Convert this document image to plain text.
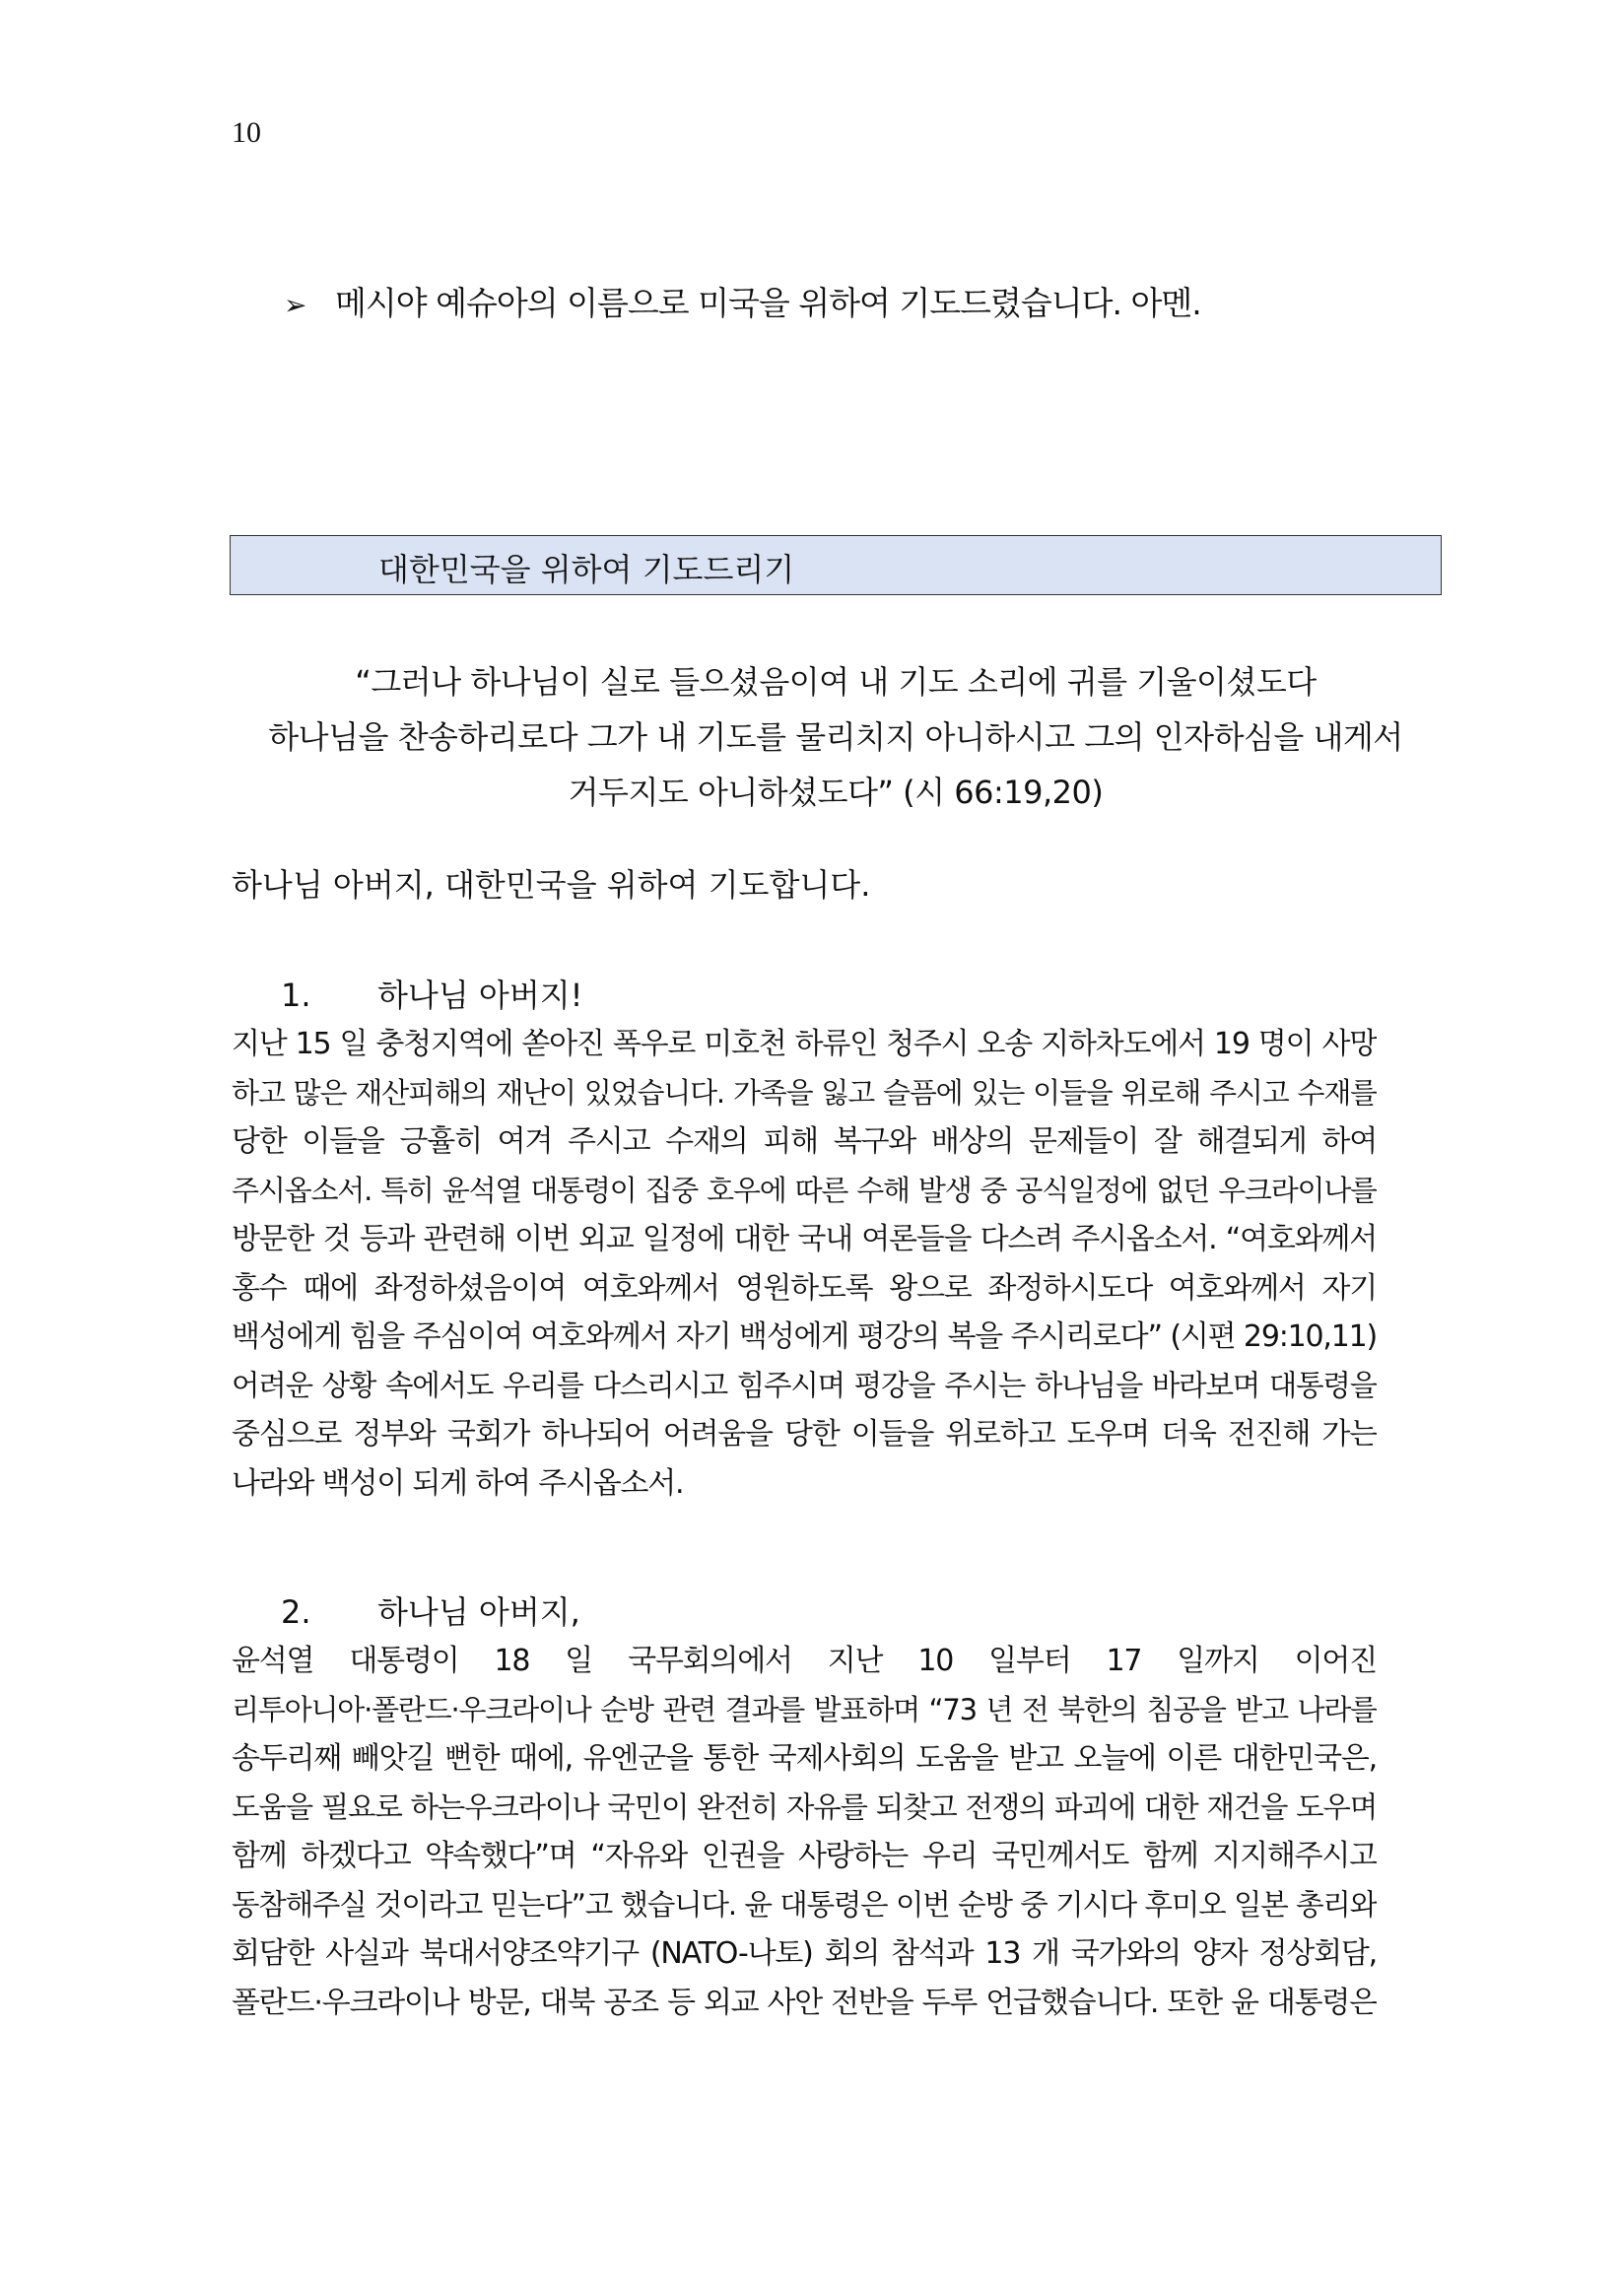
10
➢ 메시야 예슈아의 이름으로 미국을 위하여 기도드렸습니다. 아멘.
대한민국을 위하여 기도드리기
“그러나 하나님이 실로 들으셨음이여 내 기도 소리에 귀를 기울이셨도다
하나님을 찬송하리로다 그가 내 기도를 물리치지 아니하시고 그의 인자하심을 내게서
거두지도 아니하셨도다” (시 66:19,20)
하나님 아버지, 대한민국을 위하여 기도합니다.
1. 하나님 아버지!
지난 15 일 충청지역에 쏟아진 폭우로 미호천 하류인 청주시 오송 지하차도에서 19 명이 사망
하고 많은 재산피해의 재난이 있었습니다. 가족을 잃고 슬픔에 있는 이들을 위로해 주시고 수재를
당한 이들을 긍휼히 여겨 주시고 수재의 피해 복구와 배상의 문제들이 잘 해결되게 하여
주시옵소서. 특히 윤석열 대통령이 집중 호우에 따른 수해 발생 중 공식일정에 없던 우크라이나를
방문한 것 등과 관련해 이번 외교 일정에 대한 국내 여론들을 다스려 주시옵소서. “여호와께서
홍수 때에 좌정하셨음이여 여호와께서 영원하도록 왕으로 좌정하시도다 여호와께서 자기
백성에게 힘을 주심이여 여호와께서 자기 백성에게 평강의 복을 주시리로다” (시편 29:10,11)
어려운 상황 속에서도 우리를 다스리시고 힘주시며 평강을 주시는 하나님을 바라보며 대통령을
중심으로 정부와 국회가 하나되어 어려움을 당한 이들을 위로하고 도우며 더욱 전진해 가는
나라와 백성이 되게 하여 주시옵소서.
2. 하나님 아버지,
윤석열 대통령이 18 일 국무회의에서 지난 10 일부터 17 일까지 이어진
리투아니아·폴란드·우크라이나 순방 관련 결과를 발표하며 “73 년 전 북한의 침공을 받고 나라를
송두리째 빼앗길 뻔한 때에, 유엔군을 통한 국제사회의 도움을 받고 오늘에 이른 대한민국은,
도움을 필요로 하는우크라이나 국민이 완전히 자유를 되찾고 전쟁의 파괴에 대한 재건을 도우며
함께 하겠다고 약속했다”며 “자유와 인권을 사랑하는 우리 국민께서도 함께 지지해주시고
동참해주실 것이라고 믿는다”고 했습니다. 윤 대통령은 이번 순방 중 기시다 후미오 일본 총리와
회담한 사실과 북대서양조약기구 (NATO-나토) 회의 참석과 13 개 국가와의 양자 정상회담,
폴란드·우크라이나 방문, 대북 공조 등 외교 사안 전반을 두루 언급했습니다. 또한 윤 대통령은
